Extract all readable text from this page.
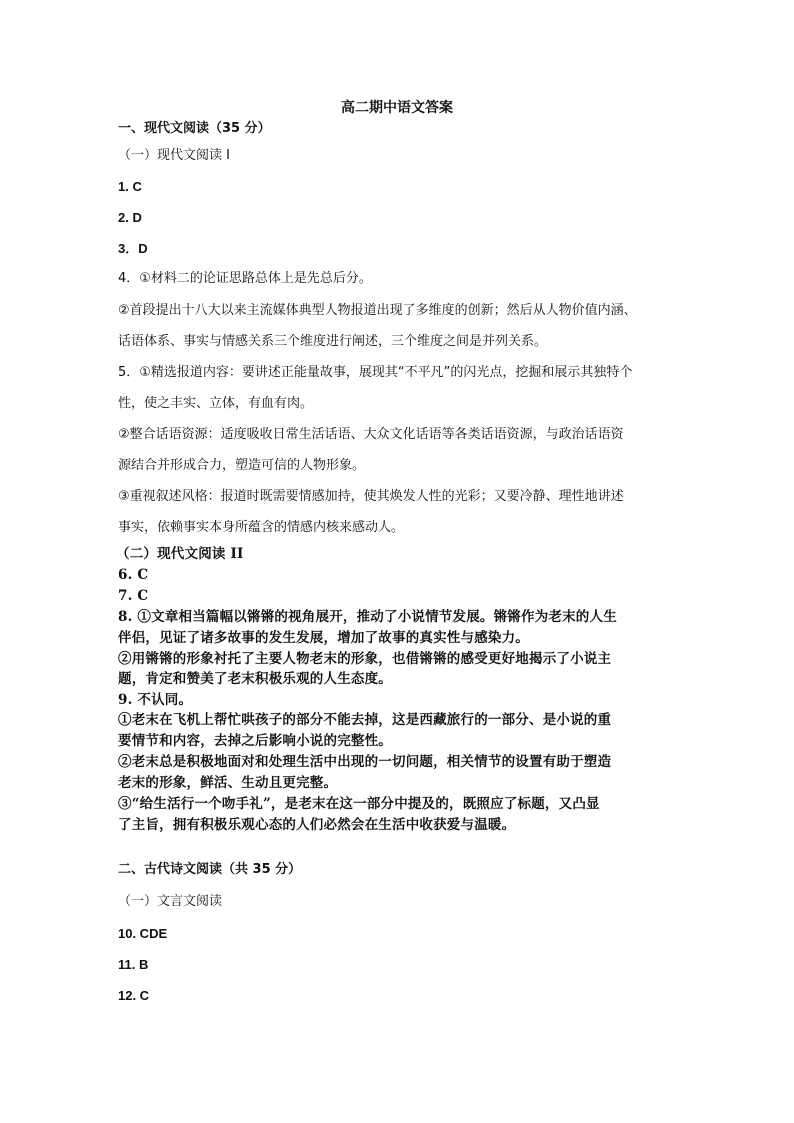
高二期中语文答案
一、现代文阅读（35 分）
（一）现代文阅读 I
1. C
2. D
3．D
4．①材料二的论证思路总体上是先总后分。
②首段提出十八大以来主流媒体典型人物报道出现了多维度的创新；然后从人物价值内涵、
话语体系、事实与情感关系三个维度进行阐述，三个维度之间是并列关系。
5．①精选报道内容：要讲述正能量故事，展现其“不平凡”的闪光点，挖掘和展示其独特个
性，使之丰实、立体，有血有肉。
②整合话语资源：适度吸收日常生活话语、大众文化话语等各类话语资源，与政治话语资
源结合并形成合力，塑造可信的人物形象。
③重视叙述风格：报道时既需要情感加持，使其焕发人性的光彩；又要冷静、理性地讲述
事实，依赖事实本身所蕴含的情感内核来感动人。
（二）现代文阅读 II
6. C
7. C
8. ①文章相当篇幅以锵锵的视角展开，推动了小说情节发展。锵锵作为老末的人生
伴侣，见证了诸多故事的发生发展，增加了故事的真实性与感染力。
②用锵锵的形象衬托了主要人物老末的形象，也借锵锵的感受更好地揭示了小说主
题，肯定和赞美了老末积极乐观的人生态度。
9. 不认同。
①老末在飞机上帮忙哄孩子的部分不能去掉，这是西藏旅行的一部分、是小说的重
要情节和内容，去掉之后影响小说的完整性。
②老末总是积极地面对和处理生活中出现的一切问题，相关情节的设置有助于塑造
老末的形象，鲜活、生动且更完整。
③“给生活行一个吻手礼”，是老末在这一部分中提及的，既照应了标题，又凸显
了主旨，拥有积极乐观心态的人们必然会在生活中收获爱与温暖。
二、古代诗文阅读（共 35 分）
（一）文言文阅读
10. CDE
11. B
12. C
